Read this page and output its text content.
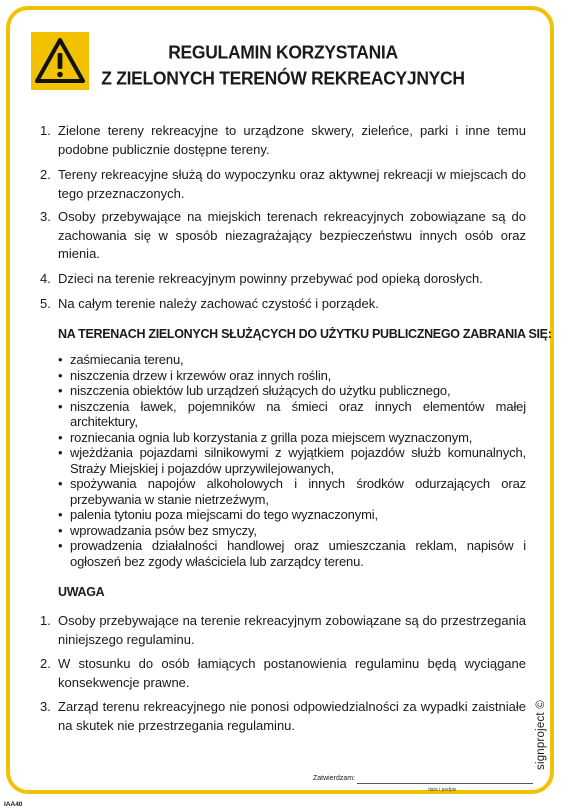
REGULAMIN KORZYSTANIA
Z ZIELONYCH TERENÓW REKREACYJNYCH
1. Zielone tereny rekreacyjne to urządzone skwery, zieleńce, parki i inne temu podobne publicznie dostępne tereny.
2. Tereny rekreacyjne służą do wypoczynku oraz aktywnej rekreacji w miejscach do tego przeznaczonych.
3. Osoby przebywające na miejskich terenach rekreacyjnych zobowiązane są do zachowania się w sposób niezagrażający bezpieczeństwu innych osób oraz mienia.
4. Dzieci na terenie rekreacyjnym powinny przebywać pod opieką dorosłych.
5. Na całym terenie należy zachować czystość i porządek.
NA TERENACH ZIELONYCH SŁUŻĄCYCH DO UŻYTKU PUBLICZNEGO ZABRANIA SIĘ:
• zaśmiecania terenu,
• niszczenia drzew i krzewów oraz innych roślin,
• niszczenia obiektów lub urządzeń służących do użytku publicznego,
• niszczenia ławek, pojemników na śmieci oraz innych elementów małej architektury,
• rozniecania ognia lub korzystania z grilla poza miejscem wyznaczonym,
• wjeżdżania pojazdami silnikowymi z wyjątkiem pojazdów służb komunalnych, Straży Miejskiej i pojazdów uprzywilejowanych,
• spożywania napojów alkoholowych i innych środków odurzających oraz przebywania w stanie nietrzeźwym,
• palenia tytoniu poza miejscami do tego wyznaczonymi,
• wprowadzania psów bez smyczy,
• prowadzenia działalności handlowej oraz umieszczania reklam, napisów i ogłoszeń bez zgody właściciela lub zarządcy terenu.
UWAGA
1. Osoby przebywające na terenie rekreacyjnym zobowiązane są do przestrzegania niniejszego regulaminu.
2. W stosunku do osób łamiących postanowienia regulaminu będą wyciągane konsekwencje prawne.
3. Zarząd terenu rekreacyjnego nie ponosi odpowiedzialności za wypadki zaistniałe na skutek nie przestrzegania regulaminu.
Zatwierdzam:
data i podpis
signproject ©
IAA40
